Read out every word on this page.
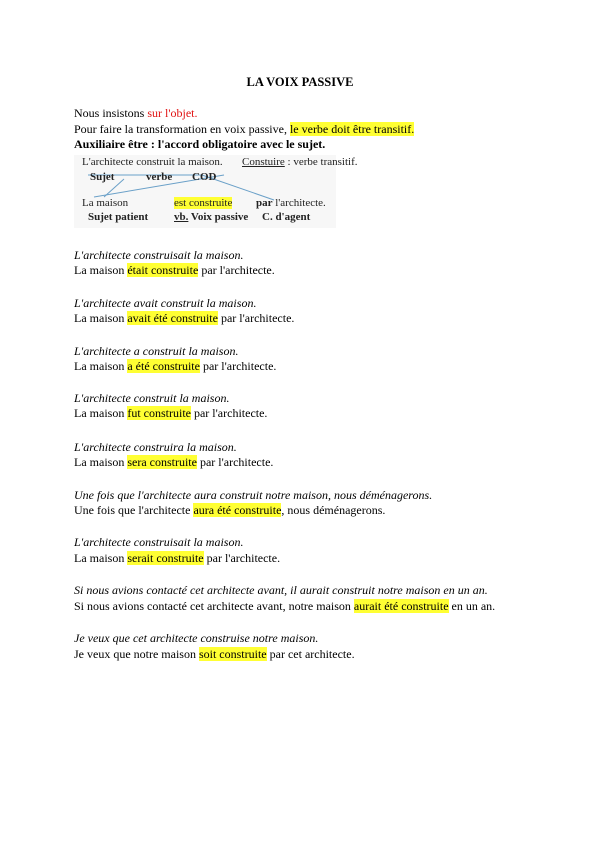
LA VOIX PASSIVE
Nous insistons sur l'objet.
Pour faire la transformation en voix passive, le verbe doit être transitif.
Auxiliaire être : l'accord obligatoire avec le sujet.
L'architecte construit la maison. Constuire : verbe transitif.
Sujet	verbe COD
La maison	est construite par l'architecte.
Sujet patient vb. Voix passive C. d'agent
L'architecte construisait la maison.
La maison était construite par l'architecte.
L'architecte avait construit la maison.
La maison avait été construite par l'architecte.
L'architecte a construit la maison.
La maison a été construite par l'architecte.
L'architecte construit la maison.
La maison fut construite par l'architecte.
L'architecte construira la maison.
La maison sera construite par l'architecte.
Une fois que l'architecte aura construit notre maison, nous déménagerons.
Une fois que l'architecte aura été construite, nous déménagerons.
L'architecte construisait la maison.
La maison serait construite par l'architecte.
Si nous avions contacté cet architecte avant, il aurait construit notre maison en un an.
Si nous avions contacté cet architecte avant, notre maison aurait été construite en un an.
Je veux que cet architecte construise notre maison.
Je veux que notre maison soit construite par cet architecte.
